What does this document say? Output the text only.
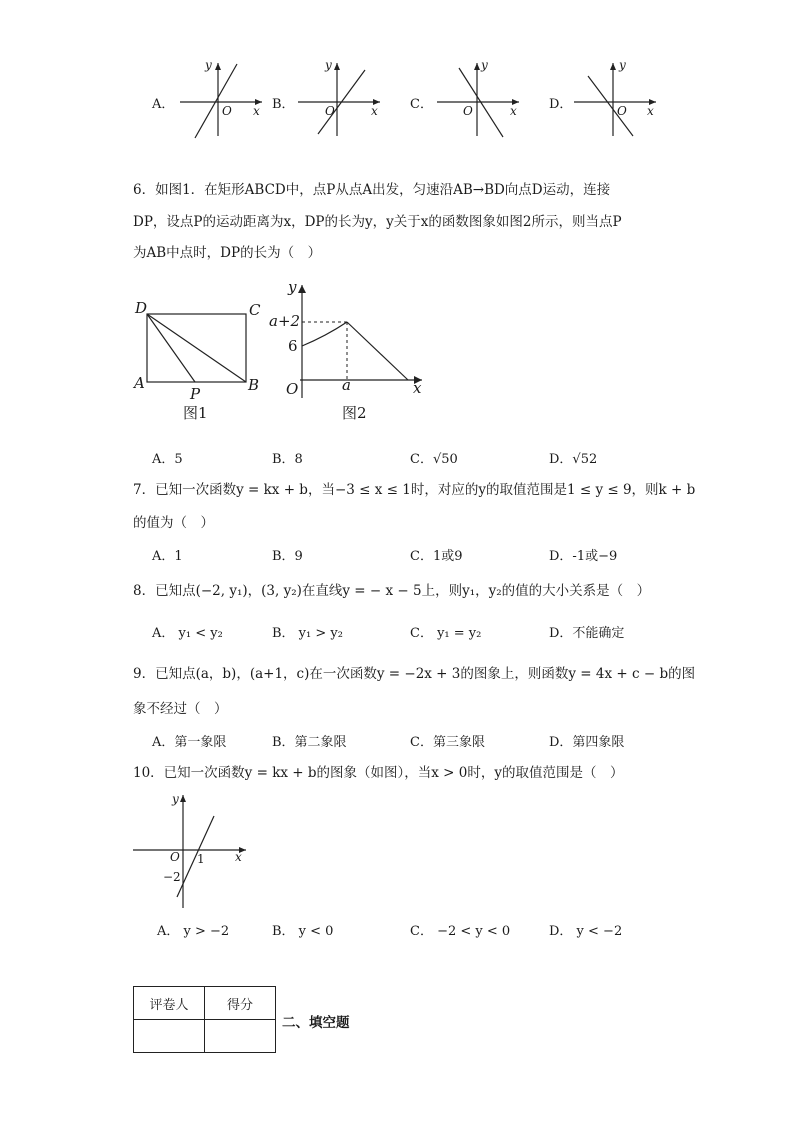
A．
y
O x B．
y
O	x C．
y
O	x D．
y
O x
6．如图1．在矩形ABCD中，点P从点A出发，匀速沿AB→BD向点D运动，连接
DP，设点P的运动距离为x，DP的长为y，y关于x的函数图象如图2所示，则当点P
为AB中点时，DP的长为（　）
D	C
A	B
P
图1
y
a+2
6
O	a	x
图2
A．5	B．8	C．√50	D．√52
7．已知一次函数y = kx + b，当−3 ≤ x ≤ 1时，对应的y的取值范围是1 ≤ y ≤ 9，则k + b
的值为（　）
A．1	B．9	C．1或9	D．-1或−9
8．已知点(−2, y₁)，(3, y₂)在直线y = − x − 5上，则y₁，y₂的值的大小关系是（　）
A． y₁ < y₂	B． y₁ > y₂	C． y₁ = y₂	D．不能确定
9．已知点(a，b)，(a+1，c)在一次函数y = −2x + 3的图象上，则函数y = 4x + c − b的图
象不经过（　）
A．第一象限	B．第二象限	C．第三象限	D．第四象限
10．已知一次函数y = kx + b的图象（如图），当x > 0时，y的取值范围是（　）
y
O 1	x
−2
A． y > −2	B． y < 0	C． −2 < y < 0	D． y < −2
评卷人	得分

二、填空题
